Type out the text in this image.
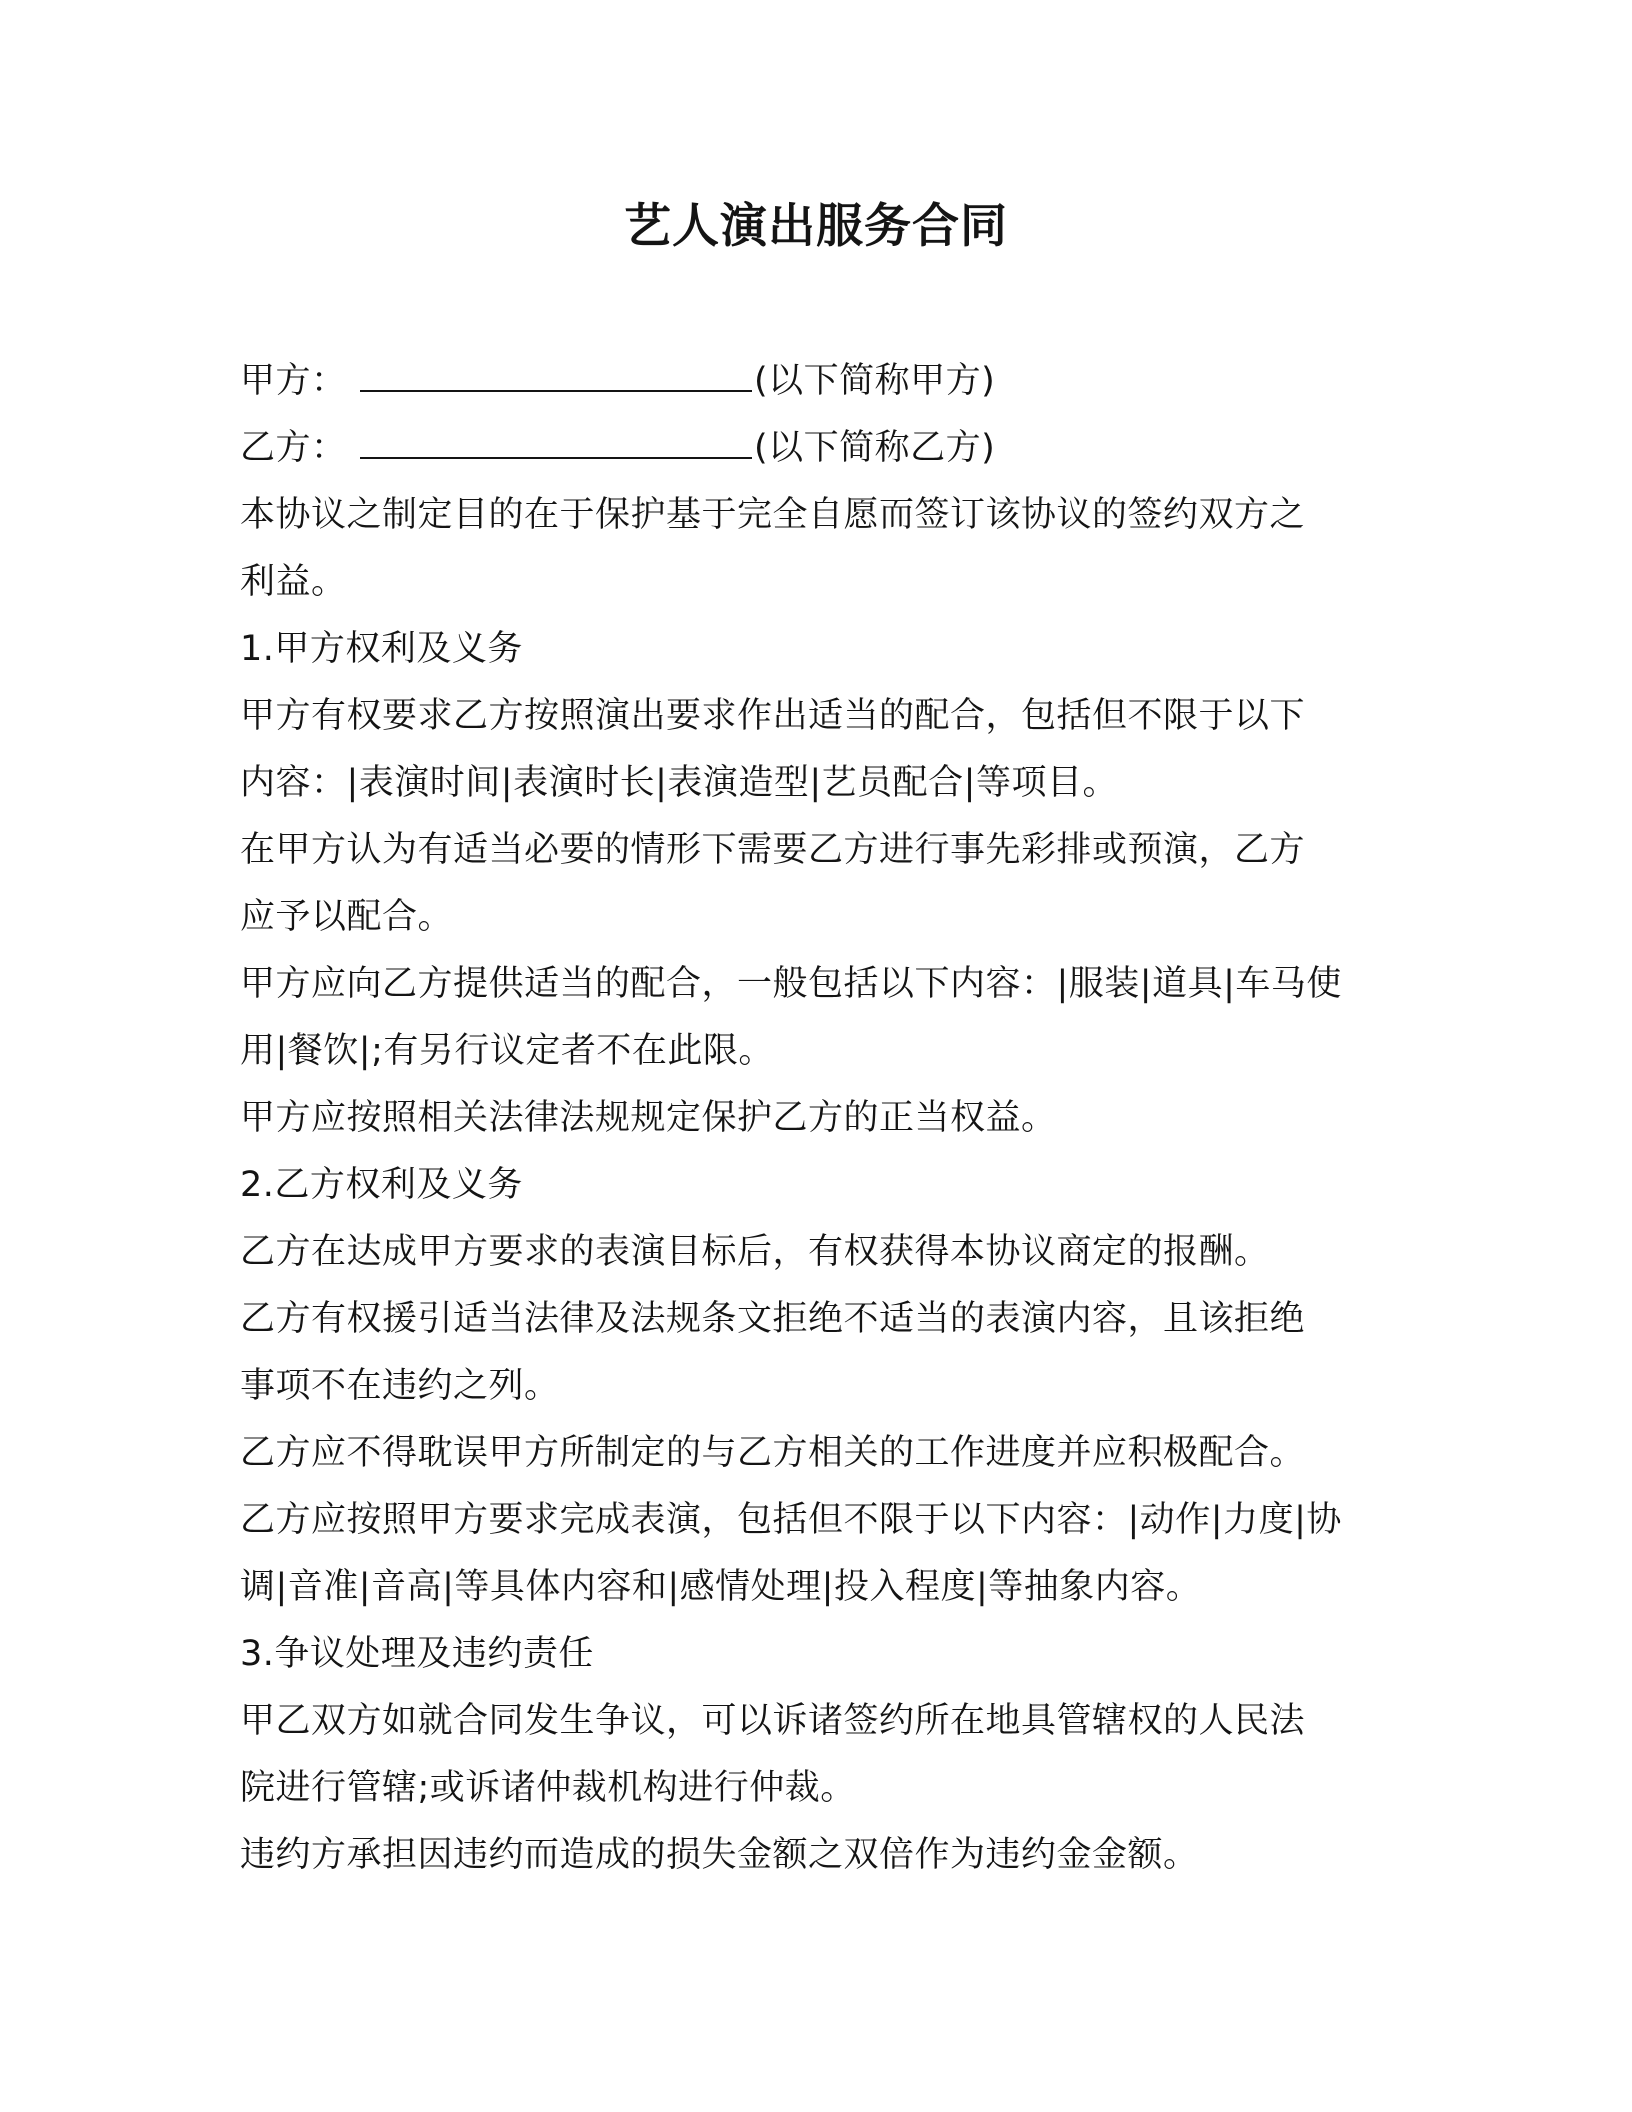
艺人演出服务合同

甲方：	(以下简称甲方)

乙方：	(以下简称乙方)

本协议之制定目的在于保护基于完全自愿而签订该协议的签约双方之

利益。

1.甲方权利及义务

甲方有权要求乙方按照演出要求作出适当的配合，包括但不限于以下

内容：|表演时间|表演时长|表演造型|艺员配合|等项目。

在甲方认为有适当必要的情形下需要乙方进行事先彩排或预演，乙方

应予以配合。

甲方应向乙方提供适当的配合，一般包括以下内容：|服装|道具|车马使

用|餐饮|;有另行议定者不在此限。

甲方应按照相关法律法规规定保护乙方的正当权益。

2.乙方权利及义务

乙方在达成甲方要求的表演目标后，有权获得本协议商定的报酬。

乙方有权援引适当法律及法规条文拒绝不适当的表演内容，且该拒绝

事项不在违约之列。

乙方应不得耽误甲方所制定的与乙方相关的工作进度并应积极配合。

乙方应按照甲方要求完成表演，包括但不限于以下内容：|动作|力度|协

调|音准|音高|等具体内容和|感情处理|投入程度|等抽象内容。

3.争议处理及违约责任

甲乙双方如就合同发生争议，可以诉诸签约所在地具管辖权的人民法

院进行管辖;或诉诸仲裁机构进行仲裁。

违约方承担因违约而造成的损失金额之双倍作为违约金金额。
